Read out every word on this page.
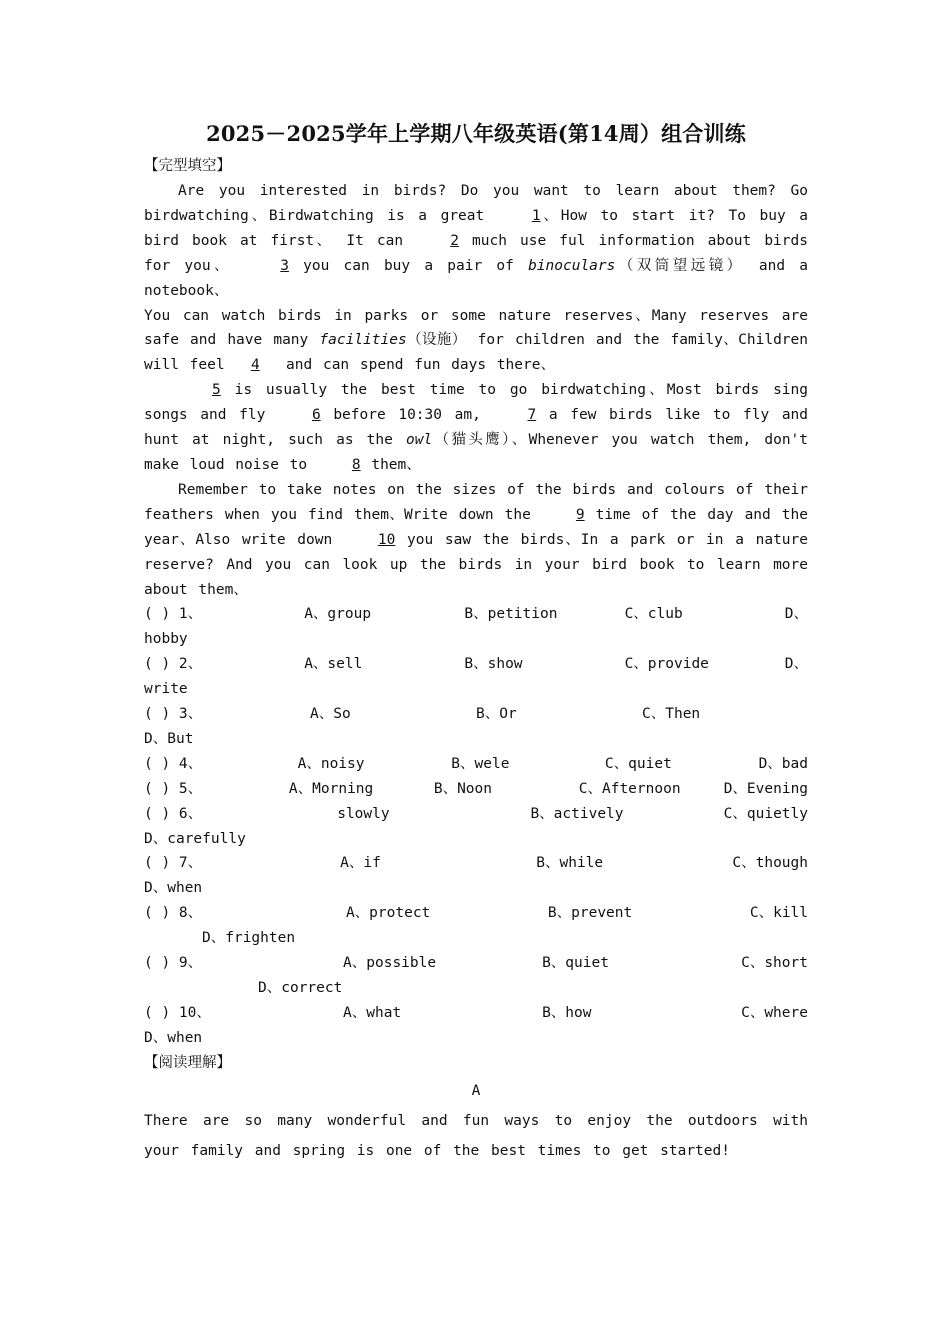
2025－2025学年上学期八年级英语(第14周）组合训练

【完型填空】

Are you interested in birds? Do you want to learn about them? Go birdwatching、Birdwatching is a great 1、How to start it? To buy a bird book at first、 It can 2 much use ful information about birds for you、 3 you can buy a pair of binoculars（双筒望远镜） and a notebook、

You can watch birds in parks or some nature reserves、Many reserves are safe and have many facilities（设施） for children and the family、Children will feel 4 and can spend fun days there、

5 is usually the best time to go birdwatching、Most birds sing songs and fly 6 before 10:30 am, 7 a few birds like to fly and hunt at night, such as the owl（猫头鹰）、Whenever you watch them, don't make loud noise to 8 them、

Remember to take notes on the sizes of the birds and colours of their feathers when you find them、Write down the 9 time of the day and the year、Also write down 10 you saw the birds、In a park or in a nature reserve? And you can look up the birds in your bird book to learn more about them、

( ) 1、	A、group	B、petition	C、club	D、
hobby
( ) 2、	A、sell	B、show	C、provide	D、
write
( ) 3、	A、So	B、Or	C、Then
D、But
( ) 4、	A、noisy	B、wele	C、quiet	D、bad
( ) 5、	A、Morning	B、Noon	C、Afternoon	D、Evening
( ) 6、	slowly	B、actively	C、quietly
D、carefully
( ) 7、	A、if	B、while	C、though
D、when
( ) 8、	A、protect	B、prevent	C、kill
D、frighten
( ) 9、	A、possible	B、quiet	C、short
D、correct
( ) 10、	A、what	B、how	C、where
D、when

【阅读理解】

A

There are so many wonderful and fun ways to enjoy the outdoors with your family and spring is one of the best times to get started!
